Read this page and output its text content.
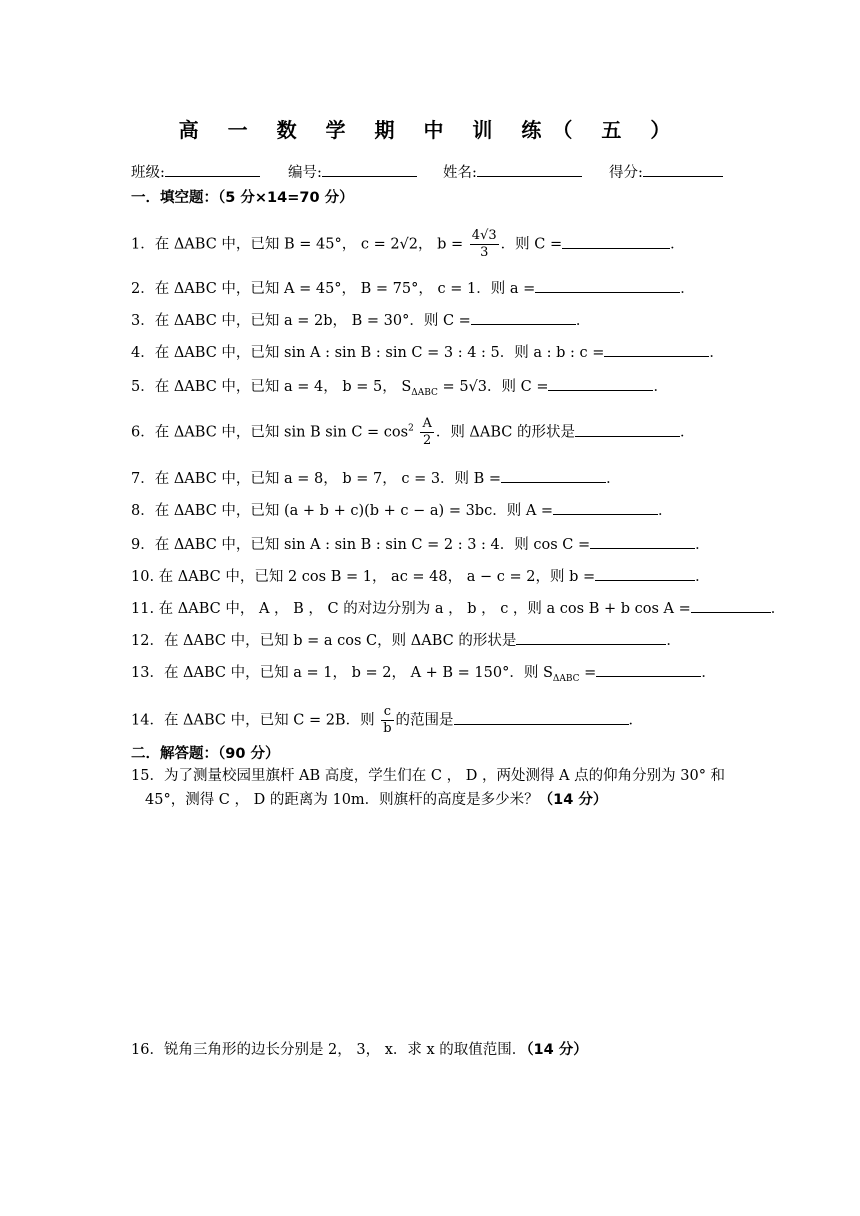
高 一 数 学 期 中 训 练（ 五 ）
班级:	编号:	姓名:	得分:
一．填空题：（5 分×14=70 分）
1．在 ΔABC 中，已知 B = 45°， c = 2√2， $b = \frac{4√3}{3}$ ．则 C =	．
2．在 ΔABC 中，已知 A = 45°， B = 75°， c = 1．则 a =	．
3．在 ΔABC 中，已知 a = 2b， B = 30°．则 C =	．
4．在 ΔABC 中，已知 sin A : sin B : sin C = 3 : 4 : 5．则 a : b : c =	．
5．在 ΔABC 中，已知 a = 4， b = 5， $S_{\Delta ABC} = 5√3$．则 C =	．
6．在 ΔABC 中，已知 sin B $\sin C = \cos^2 \frac{A}{2}$ ．则 ΔABC 的形状是	．
7．在 ΔABC 中，已知 a = 8， b = 7， c = 3．则 B =	．
8．在 ΔABC 中，已知 (a + b + c)(b + c − a) = 3bc．则 A =	．
9．在 ΔABC 中，已知 sin A : sin B : sin C = 2 : 3 : 4．则 cos C =	．
10. 在 ΔABC 中，已知 2 cos B = 1， ac = 48， a − c = 2，则 b =	．
11. 在 ΔABC 中， A ， B ， C 的对边分别为 a ， b ， c ，则 a cos B + b cos A =	．
12．在 ΔABC 中，已知 b = a cos C，则 ΔABC 的形状是	．
13．在 ΔABC 中，已知 a = 1， b = 2， A + B = 150°．则 $S_{\Delta ABC}$ =	．
14．在 ΔABC 中，已知 C = 2B．则 $\frac{c}{b}$ 的范围是	．
二．解答题：（90 分）
15．为了测量校园里旗杆 AB 高度，学生们在 C ， D ，两处测得 A 点的仰角分别为 30° 和
45°，测得 C ， D 的距离为 10m．则旗杆的高度是多少米？（14 分）
16．锐角三角形的边长分别是 2， 3， x．求 x 的取值范围．（14 分）
